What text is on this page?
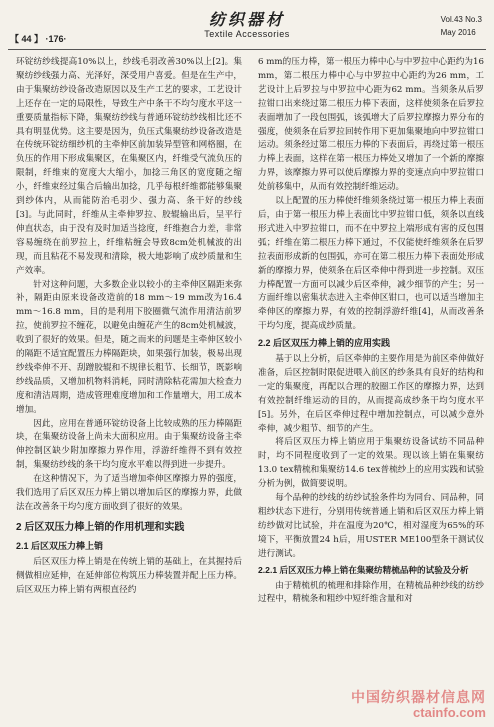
【 44 】 ·176·
纺织器材
Textile Accessories
Vol.43 No.3
May 2016

环锭纺纱线提高10%以上，纱线毛羽改善30%以上[2]。集聚纺纱线强力高、光泽好，深受用户喜爱。但是在生产中，由于集聚纺纱设备改造原因以及生产工艺的要求，工艺设计上还存在一定的局限性，导致生产中条干不均匀度水平这一重要质量指标下降，集聚纺纱线与普通环锭纺纱线相比还不具有明显优势。这主要是因为，负压式集聚纺纱设备改造是在传统环锭纺细纱机的主牵伸区前加装异型管和网格圈，在负压的作用下形成集聚区，在集聚区内，纤维受气流负压的限制，纤维束的宽度大大缩小，加捻三角区的宽度随之缩小，纤维束经过集合后输出加捻，几乎每根纤维都能够集聚到纱体内，从而能防治毛羽少、强力高、条干好的纱线[3]。与此同时，纤维从主牵伸罗拉、胶辊输出后，呈平行伸直状态，由于没有及时加适当捻度，纤维抱合力差，非常容易缠绕在前罗拉上，纤维粘缠会导致8cm处机械波的出现，而且粘花不易发现和清除，极大地影响了成纱质量和生产效率。

针对这种问题，大多数企业以较小的主牵伸区隔距来弥补，隔距由原来设备改造前的18 mm～19 mm改为16.4 mm～16.8 mm，目的是利用下胶圈微气流作用清洁前罗拉，使前罗拉不缠花，以避免由缠花产生的8cm处机械波，收到了很好的效果。但是，随之而来的问题是主牵伸区较小的隔距不适宜配置压力棒隔距块，如果强行加装，极易出现纱线牵伸不开、刮蹭胶辊和不规律长粗节、长细节，既影响纱线品质，又增加机物料消耗，同时清除粘花需加大检查力度和清洁周期，造成管理难度增加和工作量增大，用工成本增加。

因此，应用在普通环锭纺设备上比较成熟的压力棒隔距块，在集聚纺设备上尚未大面积应用。由于集聚纺设备主牵伸控制区缺少附加摩擦力界作用，浮游纤维得不到有效控制，集聚纺纱线的条干均匀度水平难以得到进一步提升。

在这种情况下，为了适当增加牵伸区摩擦力界的强度，我们选用了后区双压力棒上销以增加后区的摩擦力界，此做法在改善条干均匀度方面收到了很好的效果。

2 后区双压力棒上销的作用机理和实践
2.1 后区双压力棒上销

后区双压力棒上销是在传统上销的基础上，在其握持后侧做相应延伸，在延伸部位构筑压力棒装置并配上压力棒。后区双压力棒上销有两根直径约

6 mm的压力棒，第一根压力棒中心与中罗拉中心距约为16 mm，第二根压力棒中心与中罗拉中心距约为26 mm，工艺设计上后罗拉与中罗拉中心距为62 mm。当须条从后罗拉钳口出来绕过第二根压力棒下表面，这样使须条在后罗拉表面增加了一段包围弧，该弧增大了后罗拉摩擦力界分布的强度，使须条在后罗拉回转作用下更加集聚地向中罗拉钳口运动。须条经过第二根压力棒的下表面后，再绕过第一根压力棒上表面，这样在第一根压力棒处又增加了一个新的摩擦力界，该摩擦力界可以使后摩擦力界的变速点向中罗拉钳口处前移集中，从而有效控制纤维运动。

以上配置的压力棒使纤维须条绕过第一根压力棒上表面后，由于第一根压力棒上表面比中罗拉钳口低，须条以直线形式进入中罗拉钳口，而不在中罗拉上端形成有害的反包围弧；纤维在第二根压力棒下通过，不仅能使纤维须条在后罗拉表面形成新的包围弧，亦可在第二根压力棒下表面处形成新的摩擦力界，使须条在后区牵伸中得到进一步控制。双压力棒配置一方面可以减少后区牵伸，减少细节的产生；另一方面纤维以密集状态进入主牵伸区钳口，也可以适当增加主牵伸区的摩擦力界，有效的控制浮游纤维[4]，从而改善条干均匀度，提高成纱质量。

2.2 后区双压力棒上销的应用实践

基于以上分析，后区牵伸的主要作用是为前区牵伸做好准备，后区控制时限促进喂入前区的纱条具有良好的结构和一定的集聚度，再配以合理的胶圈工作区的摩擦力界，达到有效控制纤维运动的目的，从而提高成纱条干均匀度水平[5]。另外，在后区牵伸过程中增加控制点，可以减少意外牵伸，减少粗节、细节的产生。

将后区双压力棒上销应用于集聚纺设备试纺不同品种时，均不同程度收到了一定的效果。现以该上销在集聚纺13.0 tex精梳和集聚纺14.6 tex普梳纱上的应用实践和试验分析为例，做简要说明。

每个品种的纱线的纺纱试验条件均为同台、同品种，同粗纱状态下进行，分别用传统普通上销和后区双压力棒上销纺纱做对比试验，并在温度为20℃，相对湿度为65%的环境下，平衡放置24 h后，用USTER ME100型条干测试仪进行测试。

2.2.1 后区双压力棒上销在集聚纺精梳品种的试验及分析

由于精梳机的梳理和排除作用，在精梳品种纱线的纺纱过程中，精梳条和粗纱中短纤维含量和对

中国纺织器材信息网
ctainfo.com
